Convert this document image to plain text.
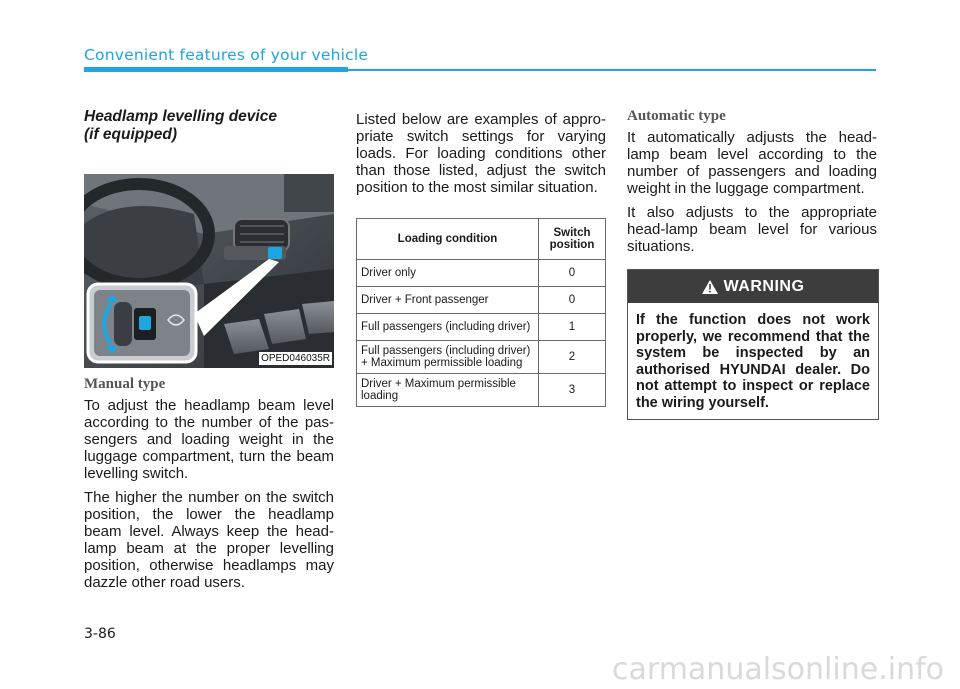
Convenient features of your vehicle
Headlamp levelling device
(if equipped)
OPED046035R
Manual type

To adjust the headlamp beam level according to the number of the pas-sengers and loading weight in the luggage compartment, turn the beam levelling switch.

The higher the number on the switch position, the lower the headlamp beam level. Always keep the head-lamp beam at the proper levelling position, otherwise headlamps may dazzle other road users.

Listed below are examples of appro-priate switch settings for varying loads. For loading conditions other than those listed, adjust the switch position to the most similar situation.

Loading condition	Switch position
Driver only	0
Driver + Front passenger	0
Full passengers (including driver)	1
Full passengers (including driver) + Maximum permissible loading	2
Driver + Maximum permissible loading	3
Automatic type

It automatically adjusts the head-lamp beam level according to the number of passengers and loading weight in the luggage compartment.

It also adjusts to the appropriate head-lamp beam level for various situations.

WARNING
If the function does not work properly, we recommend that the system be inspected by an authorised HYUNDAI dealer. Do not attempt to inspect or replace the wiring yourself.
3-86
carmanualsonline.info
